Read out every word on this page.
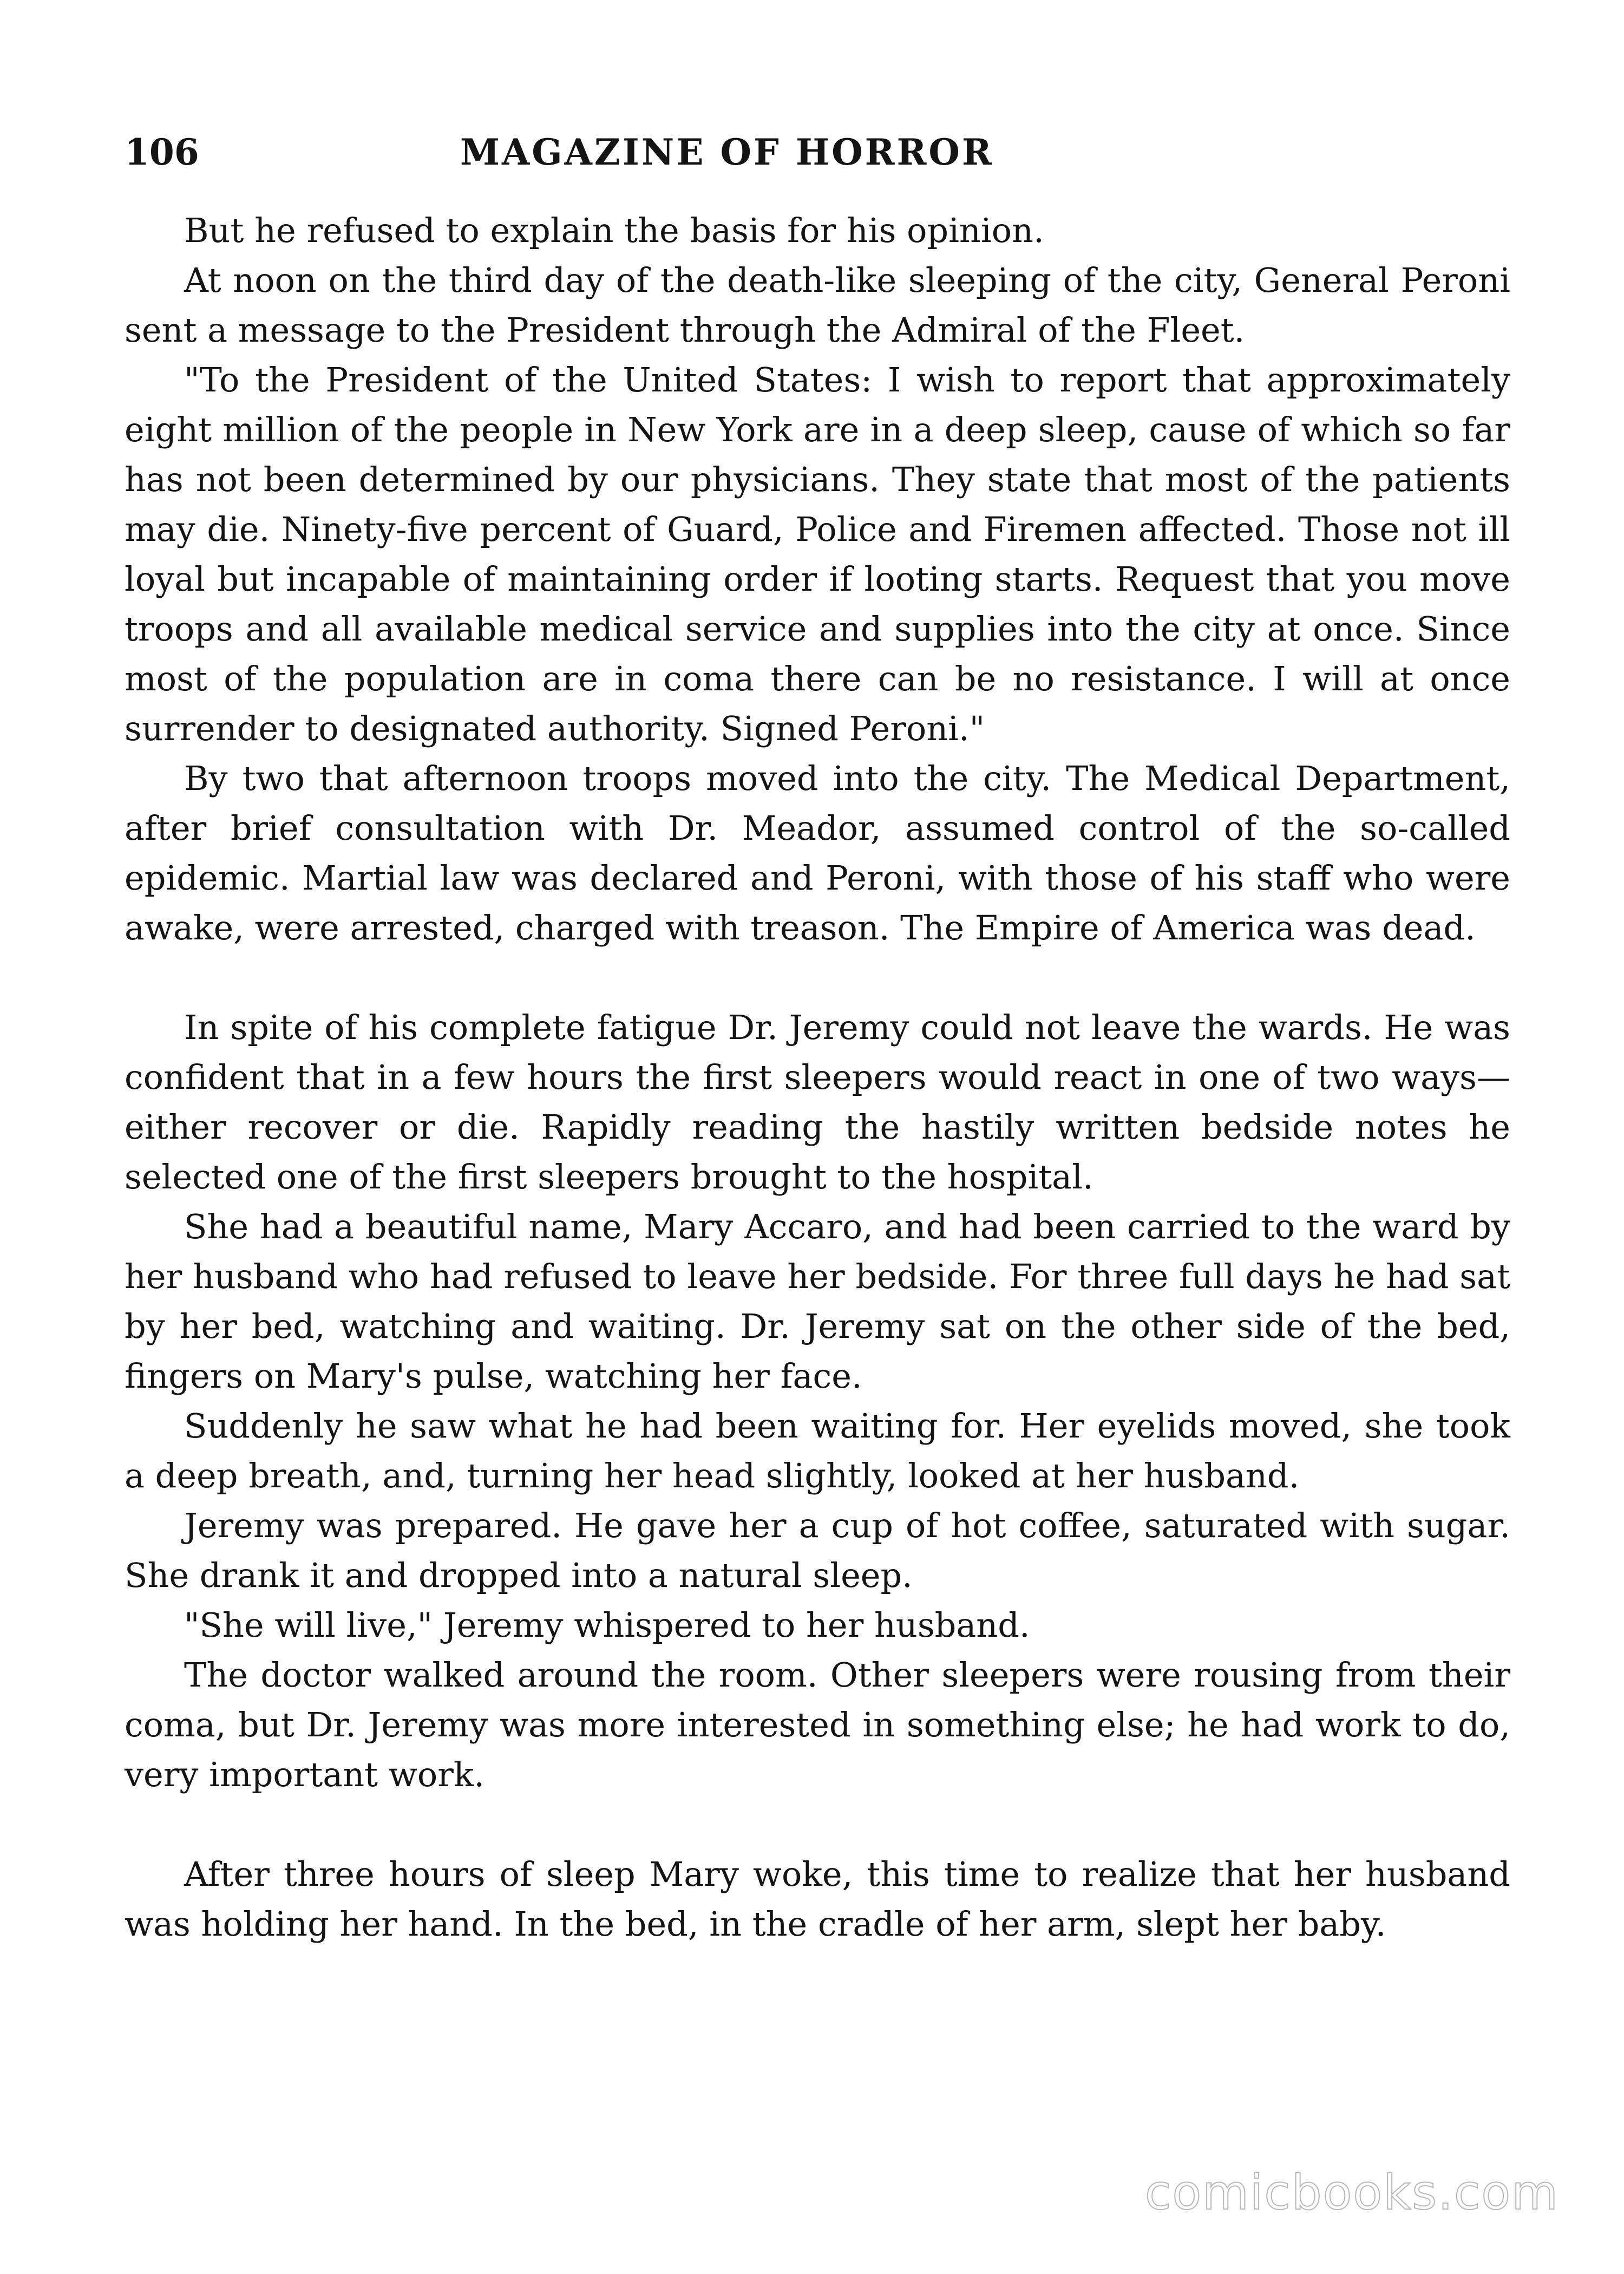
106	MAGAZINE OF HORROR

But he refused to explain the basis for his opinion.

At noon on the third day of the death-like sleeping of the city, General Peroni sent a message to the President through the Admiral of the Fleet.

"To the President of the United States: I wish to report that approximately eight million of the people in New York are in a deep sleep, cause of which so far has not been determined by our physicians. They state that most of the patients may die. Ninety-five percent of Guard, Police and Firemen affected. Those not ill loyal but incapable of maintaining order if looting starts. Request that you move troops and all available medical service and supplies into the city at once. Since most of the population are in coma there can be no resistance. I will at once surrender to designated authority. Signed Peroni."

By two that afternoon troops moved into the city. The Medical Department, after brief consultation with Dr. Meador, assumed control of the so-called epidemic. Martial law was declared and Peroni, with those of his staff who were awake, were arrested, charged with treason. The Empire of America was dead.

In spite of his complete fatigue Dr. Jeremy could not leave the wards. He was confident that in a few hours the first sleepers would react in one of two ways—either recover or die. Rapidly reading the hastily written bedside notes he selected one of the first sleepers brought to the hospital.

She had a beautiful name, Mary Accaro, and had been carried to the ward by her husband who had refused to leave her bedside. For three full days he had sat by her bed, watching and waiting. Dr. Jeremy sat on the other side of the bed, fingers on Mary's pulse, watching her face.

Suddenly he saw what he had been waiting for. Her eyelids moved, she took a deep breath, and, turning her head slightly, looked at her husband.

Jeremy was prepared. He gave her a cup of hot coffee, saturated with sugar. She drank it and dropped into a natural sleep.

"She will live," Jeremy whispered to her husband.

The doctor walked around the room. Other sleepers were rousing from their coma, but Dr. Jeremy was more interested in something else; he had work to do, very important work.

After three hours of sleep Mary woke, this time to realize that her husband was holding her hand. In the bed, in the cradle of her arm, slept her baby.

comicbooks.com
